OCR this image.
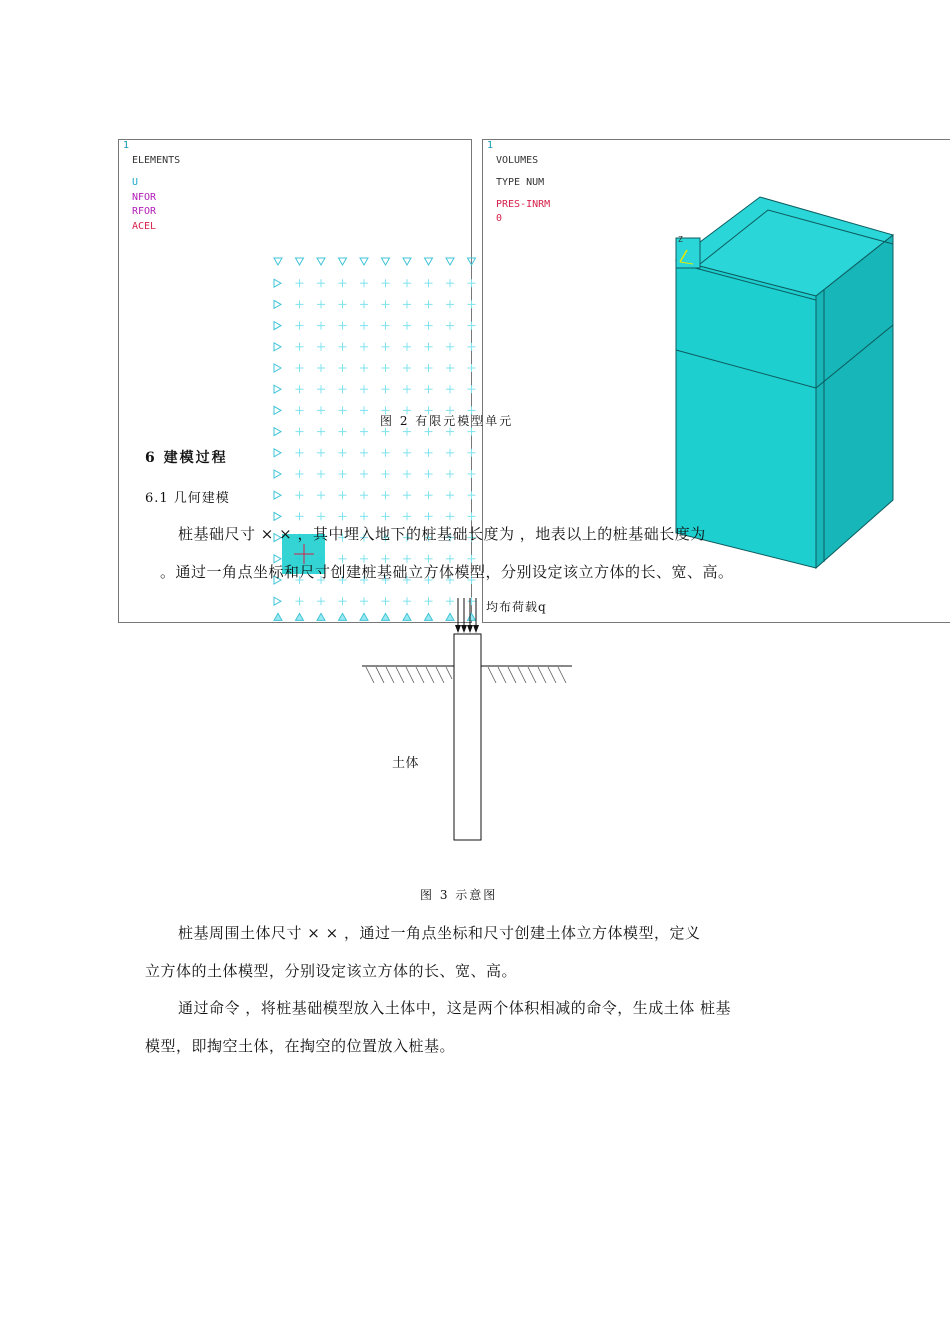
1
ELEMENTS
U
NFOR
RFOR
ACEL
1
VOLUMES
TYPE NUM
PRES-INRM
0
Z
图 2 有限元模型单元
6 建模过程
6.1 几何建模
桩基础尺寸 × × ，其中埋入地下的桩基础长度为 ，地表以上的桩基础长度为
。通过一角点坐标和尺寸创建桩基础立方体模型，分别设定该立方体的长、宽、高。
均布荷载q
土体
图 3 示意图
桩基周围土体尺寸 × × ，通过一角点坐标和尺寸创建土体立方体模型，定义
立方体的土体模型，分别设定该立方体的长、宽、高。
通过命令 ，将桩基础模型放入土体中，这是两个体积相减的命令，生成土体 桩基
模型，即掏空土体，在掏空的位置放入桩基。
